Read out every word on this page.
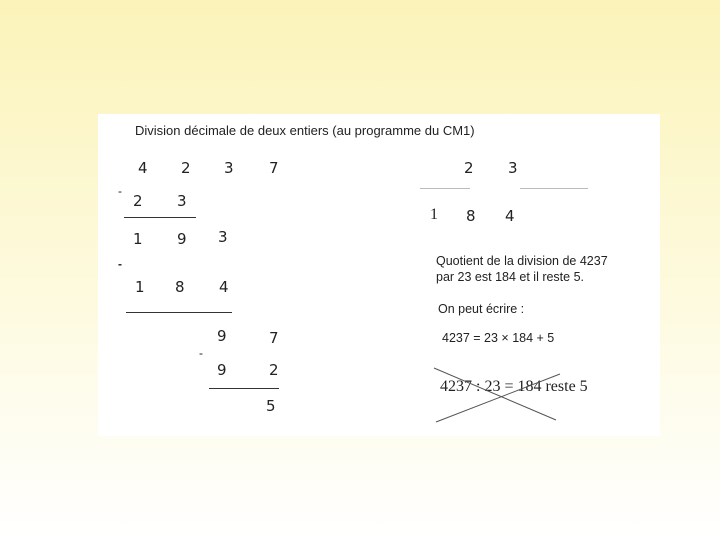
Division décimale de deux entiers (au programme du CM1)
4 2 3 7
-
2 3
1 9 3
-
1 8 4
9	7
-
9	2
5
2 3
1 8 4
Quotient de la division de 4237
par 23 est 184 et il reste 5.
On peut écrire :
4237 = 23 × 184 + 5
4237 : 23 = 184 reste 5
